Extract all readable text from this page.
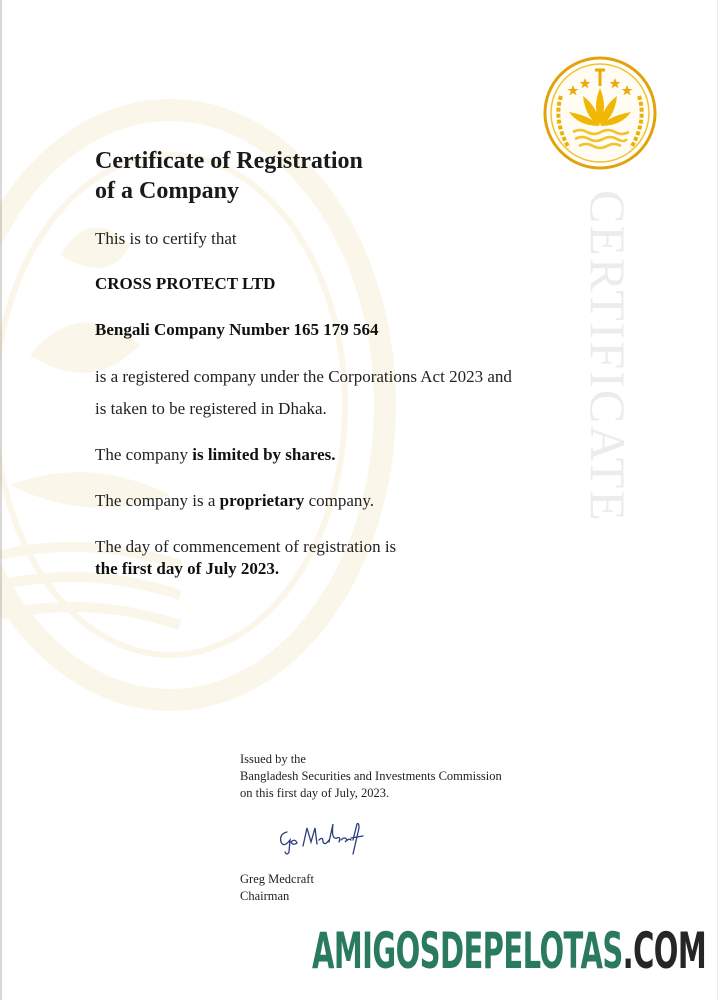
CERTIFICATE
Certificate of Registration
of a Company
This is to certify that
CROSS PROTECT LTD
Bengali Company Number 165 179 564
is a registered company under the Corporations Act 2023 and
is taken to be registered in Dhaka.
The company is limited by shares.
The company is a proprietary company.
The day of commencement of registration is
the first day of July 2023.
Issued by the
Bangladesh Securities and Investments Commission
on this first day of July, 2023.
Greg Medcraft
Chairman
AMIGOSDEPELOTAS.COM
